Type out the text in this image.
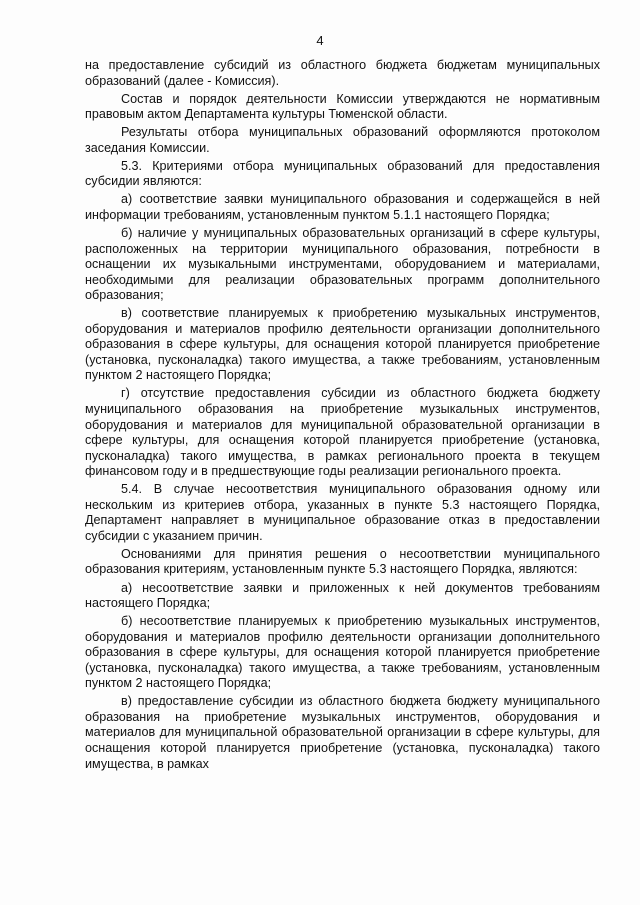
4

на предоставление субсидий из областного бюджета бюджетам муниципальных образований (далее - Комиссия).

Состав и порядок деятельности Комиссии утверждаются не нормативным правовым актом Департамента культуры Тюменской области.

Результаты отбора муниципальных образований оформляются протоколом заседания Комиссии.

5.3. Критериями отбора муниципальных образований для предоставления субсидии являются:

а) соответствие заявки муниципального образования и содержащейся в ней информации требованиям, установленным пунктом 5.1.1 настоящего Порядка;

б) наличие у муниципальных образовательных организаций в сфере культуры, расположенных на территории муниципального образования, потребности в оснащении их музыкальными инструментами, оборудованием и материалами, необходимыми для реализации образовательных программ дополнительного образования;

в) соответствие планируемых к приобретению музыкальных инструментов, оборудования и материалов профилю деятельности организации дополнительного образования в сфере культуры, для оснащения которой планируется приобретение (установка, пусконаладка) такого имущества, а также требованиям, установленным пунктом 2 настоящего Порядка;

г) отсутствие предоставления субсидии из областного бюджета бюджету муниципального образования на приобретение музыкальных инструментов, оборудования и материалов для муниципальной образовательной организации в сфере культуры, для оснащения которой планируется приобретение (установка, пусконаладка) такого имущества, в рамках регионального проекта в текущем финансовом году и в предшествующие годы реализации регионального проекта.

5.4. В случае несоответствия муниципального образования одному или нескольким из критериев отбора, указанных в пункте 5.3 настоящего Порядка, Департамент направляет в муниципальное образование отказ в предоставлении субсидии с указанием причин.

Основаниями для принятия решения о несоответствии муниципального образования критериям, установленным пункте 5.3 настоящего Порядка, являются:

а) несоответствие заявки и приложенных к ней документов требованиям настоящего Порядка;

б) несоответствие планируемых к приобретению музыкальных инструментов, оборудования и материалов профилю деятельности организации дополнительного образования в сфере культуры, для оснащения которой планируется приобретение (установка, пусконаладка) такого имущества, а также требованиям, установленным пунктом 2 настоящего Порядка;

в) предоставление субсидии из областного бюджета бюджету муниципального образования на приобретение музыкальных инструментов, оборудования и материалов для муниципальной образовательной организации в сфере культуры, для оснащения которой планируется приобретение (установка, пусконаладка) такого имущества, в рамках
